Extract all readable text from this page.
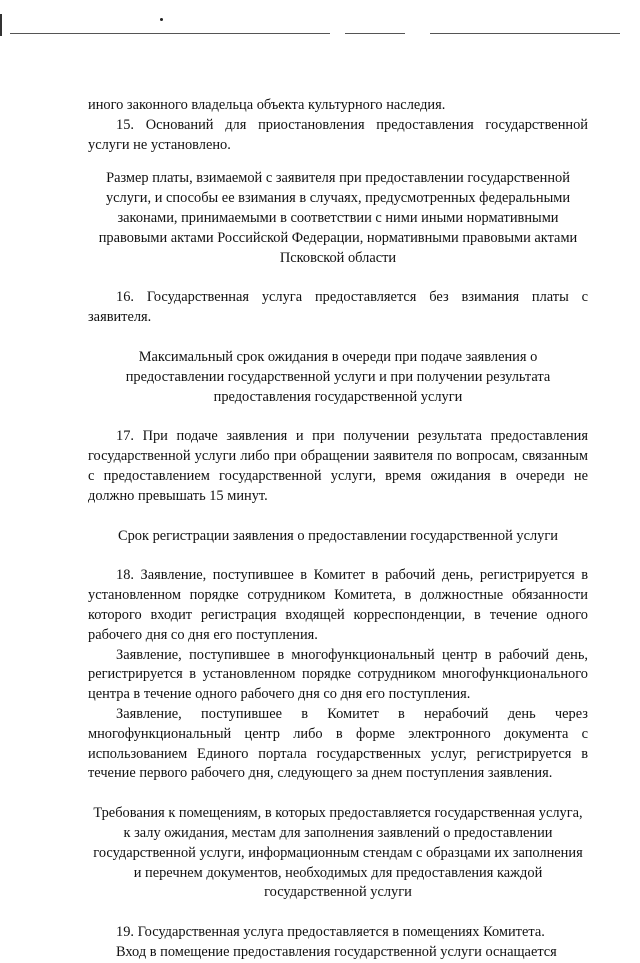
иного законного владельца объекта культурного наследия.

15. Оснований для приостановления предоставления государственной услуги не установлено.

Размер платы, взимаемой с заявителя при предоставлении государственной услуги, и способы ее взимания в случаях, предусмотренных федеральными законами, принимаемыми в соответствии с ними иными нормативными правовыми актами Российской Федерации, нормативными правовыми актами Псковской области

16. Государственная услуга предоставляется без взимания платы с заявителя.

Максимальный срок ожидания в очереди при подаче заявления о предоставлении государственной услуги и при получении результата предоставления государственной услуги

17. При подаче заявления и при получении результата предоставления государственной услуги либо при обращении заявителя по вопросам, связанным с предоставлением государственной услуги, время ожидания в очереди не должно превышать 15 минут.

Срок регистрации заявления о предоставлении государственной услуги

18. Заявление, поступившее в Комитет в рабочий день, регистрируется в установленном порядке сотрудником Комитета, в должностные обязанности которого входит регистрация входящей корреспонденции, в течение одного рабочего дня со дня его поступления.

Заявление, поступившее в многофункциональный центр в рабочий день, регистрируется в установленном порядке сотрудником многофункционального центра в течение одного рабочего дня со дня его поступления.

Заявление, поступившее в Комитет в нерабочий день через многофункциональный центр либо в форме электронного документа с использованием Единого портала государственных услуг, регистрируется в течение первого рабочего дня, следующего за днем поступления заявления.

Требования к помещениям, в которых предоставляется государственная услуга, к залу ожидания, местам для заполнения заявлений о предоставлении государственной услуги, информационным стендам с образцами их заполнения и перечнем документов, необходимых для предоставления каждой государственной услуги

19. Государственная услуга предоставляется в помещениях Комитета.

Вход в помещение предоставления государственной услуги оснащается
